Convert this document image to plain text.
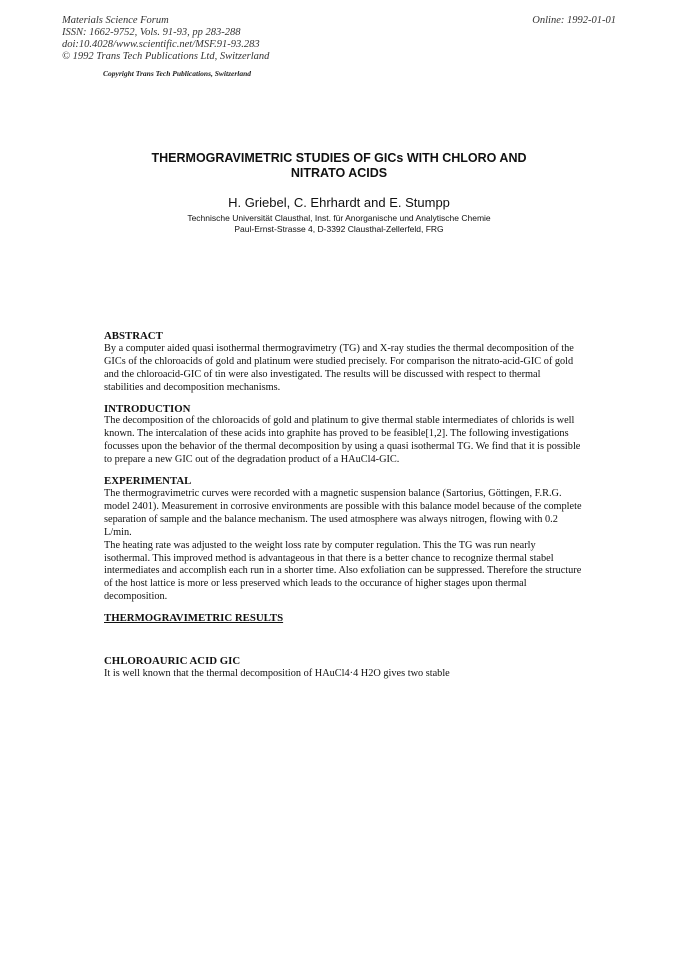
Materials Science Forum
ISSN: 1662-9752, Vols. 91-93, pp 283-288
doi:10.4028/www.scientific.net/MSF.91-93.283
© 1992 Trans Tech Publications Ltd, Switzerland
Online: 1992-01-01
Copyright Trans Tech Publications, Switzerland
THERMOGRAVIMETRIC STUDIES OF GICs WITH CHLORO AND
NITRATO ACIDS
H. Griebel, C. Ehrhardt and E. Stumpp
Technische Universität Clausthal, Inst. für Anorganische und Analytische Chemie
Paul-Ernst-Strasse 4, D-3392 Clausthal-Zellerfeld, FRG
ABSTRACT

By a computer aided quasi isothermal thermogravimetry (TG) and X-ray studies the thermal decomposition of the GICs of the chloroacids of gold and platinum were studied precisely. For comparison the nitrato-acid-GIC of gold and the chloroacid-GIC of tin were also investigated. The results will be discussed with respect to thermal stabilities and decomposition mechanisms.

INTRODUCTION

The decomposition of the chloroacids of gold and platinum to give thermal stable intermediates of chlorids is well known. The intercalation of these acids into graphite has proved to be feasible[1,2]. The following investigations focusses upon the behavior of the thermal decomposition by using a quasi isothermal TG. We find that it is possible to prepare a new GIC out of the degradation product of a HAuCl4-GIC.

EXPERIMENTAL

The thermogravimetric curves were recorded with a magnetic suspension balance (Sartorius, Göttingen, F.R.G. model 2401). Measurement in corrosive environments are possible with this balance model because of the complete separation of sample and the balance mechanism. The used atmosphere was always nitrogen, flowing with 0.2 L/min.

The heating rate was adjusted to the weight loss rate by computer regulation. This the TG was run nearly isothermal. This improved method is advantageous in that there is a better chance to recognize thermal stabel intermediates and accomplish each run in a shorter time. Also exfoliation can be suppressed. Therefore the structure of the host lattice is more or less preserved which leads to the occurance of higher stages upon thermal decomposition.

THERMOGRAVIMETRIC RESULTS
CHLOROAURIC ACID GIC

It is well known that the thermal decomposition of HAuCl4·4 H2O gives two stable
